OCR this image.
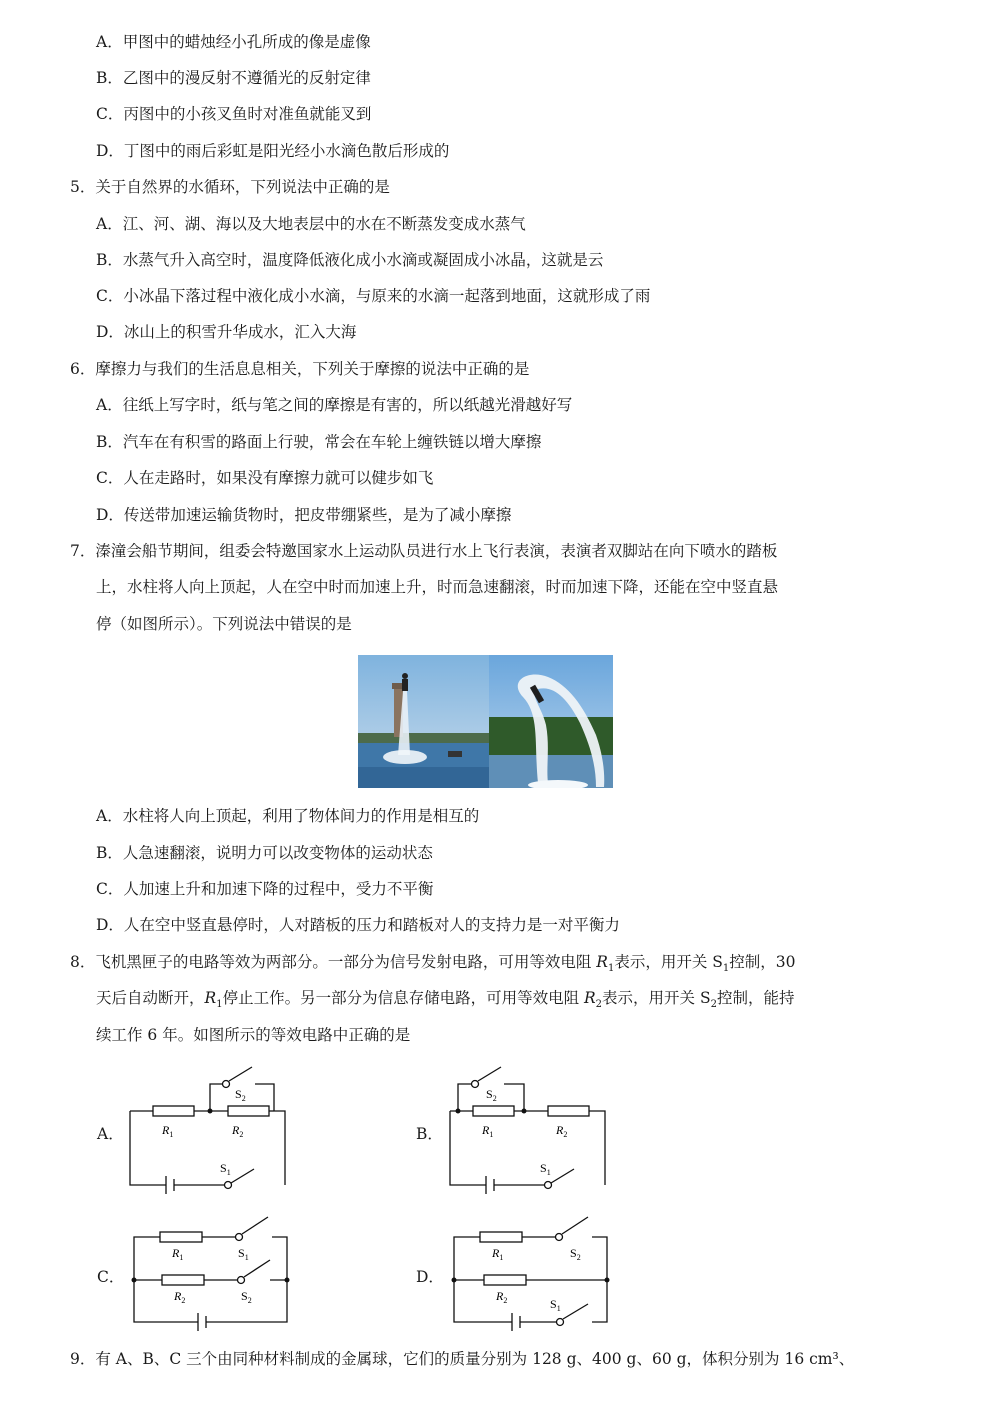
A．甲图中的蜡烛经小孔所成的像是虚像
B．乙图中的漫反射不遵循光的反射定律
C．丙图中的小孩叉鱼时对准鱼就能叉到
D．丁图中的雨后彩虹是阳光经小水滴色散后形成的
5．关于自然界的水循环，下列说法中正确的是
A．江、河、湖、海以及大地表层中的水在不断蒸发变成水蒸气
B．水蒸气升入高空时，温度降低液化成小水滴或凝固成小冰晶，这就是云
C．小冰晶下落过程中液化成小水滴，与原来的水滴一起落到地面，这就形成了雨
D．冰山上的积雪升华成水，汇入大海
6．摩擦力与我们的生活息息相关，下列关于摩擦的说法中正确的是
A．往纸上写字时，纸与笔之间的摩擦是有害的，所以纸越光滑越好写
B．汽车在有积雪的路面上行驶，常会在车轮上缠铁链以增大摩擦
C．人在走路时，如果没有摩擦力就可以健步如飞
D．传送带加速运输货物时，把皮带绷紧些，是为了减小摩擦
7．溱潼会船节期间，组委会特邀国家水上运动队员进行水上飞行表演，表演者双脚站在向下喷水的踏板
上，水柱将人向上顶起，人在空中时而加速上升，时而急速翻滚，时而加速下降，还能在空中竖直悬
停（如图所示）。下列说法中错误的是
A．水柱将人向上顶起，利用了物体间力的作用是相互的
B．人急速翻滚，说明力可以改变物体的运动状态
C．人加速上升和加速下降的过程中，受力不平衡
D．人在空中竖直悬停时，人对踏板的压力和踏板对人的支持力是一对平衡力
8．飞机黑匣子的电路等效为两部分。一部分为信号发射电路，可用等效电阻 $R_1$表示，用开关 $S_1$控制，30
天后自动断开，$R_1$停止工作。另一部分为信息存储电路，可用等效电阻 $R_2$表示，用开关 $S_2$控制，能持
续工作 6 年。如图所示的等效电路中正确的是
A．
$S_2$
$R_1$	$R_2$
$S_1$
B．
$S_2$
$R_1$	$R_2$
$S_1$
C．
$R_1$	$S_1$
$R_2$	$S_2$
D．
$R_1$	$S_2$
$R_2$	$S_1$
9．有 A、B、C 三个由同种材料制成的金属球，它们的质量分别为 128 g、400 g、60 g，体积分别为 16 cm³、
